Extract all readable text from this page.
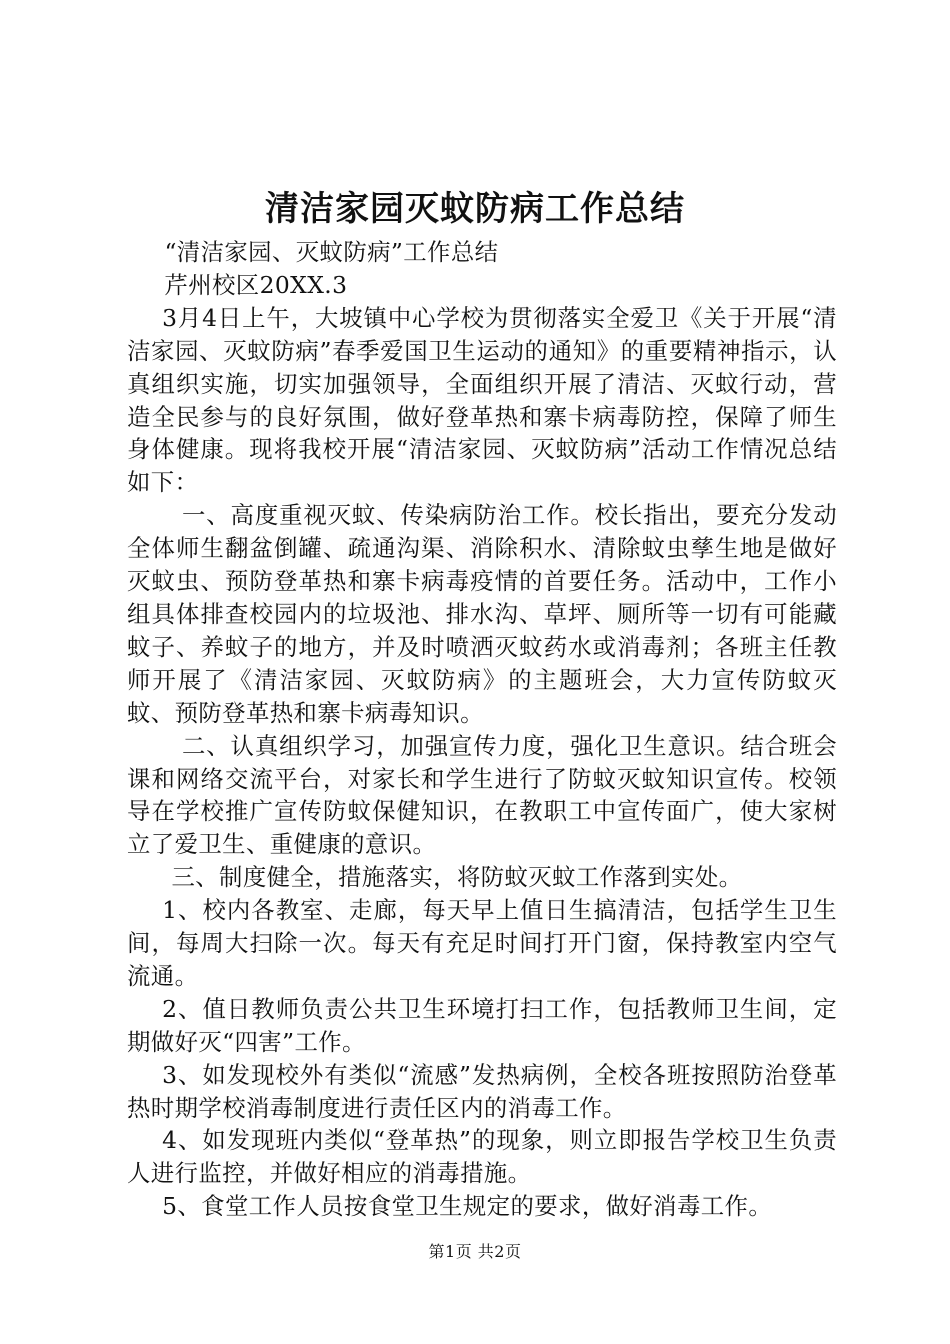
清洁家园灭蚊防病工作总结

“清洁家园、灭蚊防病”工作总结

芹州校区20XX.3

3月4日上午，大坡镇中心学校为贯彻落实全爱卫《关于开展“清洁家园、灭蚊防病”春季爱国卫生运动的通知》的重要精神指示，认真组织实施，切实加强领导，全面组织开展了清洁、灭蚊行动，营造全民参与的良好氛围，做好登革热和寨卡病毒防控，保障了师生身体健康。现将我校开展“清洁家园、灭蚊防病”活动工作情况总结如下：

一、高度重视灭蚊、传染病防治工作。校长指出，要充分发动全体师生翻盆倒罐、疏通沟渠、消除积水、清除蚊虫孳生地是做好灭蚊虫、预防登革热和寨卡病毒疫情的首要任务。活动中，工作小组具体排查校园内的垃圾池、排水沟、草坪、厕所等一切有可能藏蚊子、养蚊子的地方，并及时喷洒灭蚊药水或消毒剂；各班主任教师开展了《清洁家园、灭蚊防病》的主题班会，大力宣传防蚊灭蚊、预防登革热和寨卡病毒知识。

二、认真组织学习，加强宣传力度，强化卫生意识。结合班会课和网络交流平台，对家长和学生进行了防蚊灭蚊知识宣传。校领导在学校推广宣传防蚊保健知识，在教职工中宣传面广，使大家树立了爱卫生、重健康的意识。

三、制度健全，措施落实，将防蚊灭蚊工作落到实处。

1、校内各教室、走廊，每天早上值日生搞清洁，包括学生卫生间，每周大扫除一次。每天有充足时间打开门窗，保持教室内空气流通。

2、值日教师负责公共卫生环境打扫工作，包括教师卫生间，定期做好灭“四害”工作。

3、如发现校外有类似“流感”发热病例，全校各班按照防治登革热时期学校消毒制度进行责任区内的消毒工作。

4、如发现班内类似“登革热”的现象，则立即报告学校卫生负责人进行监控，并做好相应的消毒措施。

5、食堂工作人员按食堂卫生规定的要求，做好消毒工作。

第1页 共2页
